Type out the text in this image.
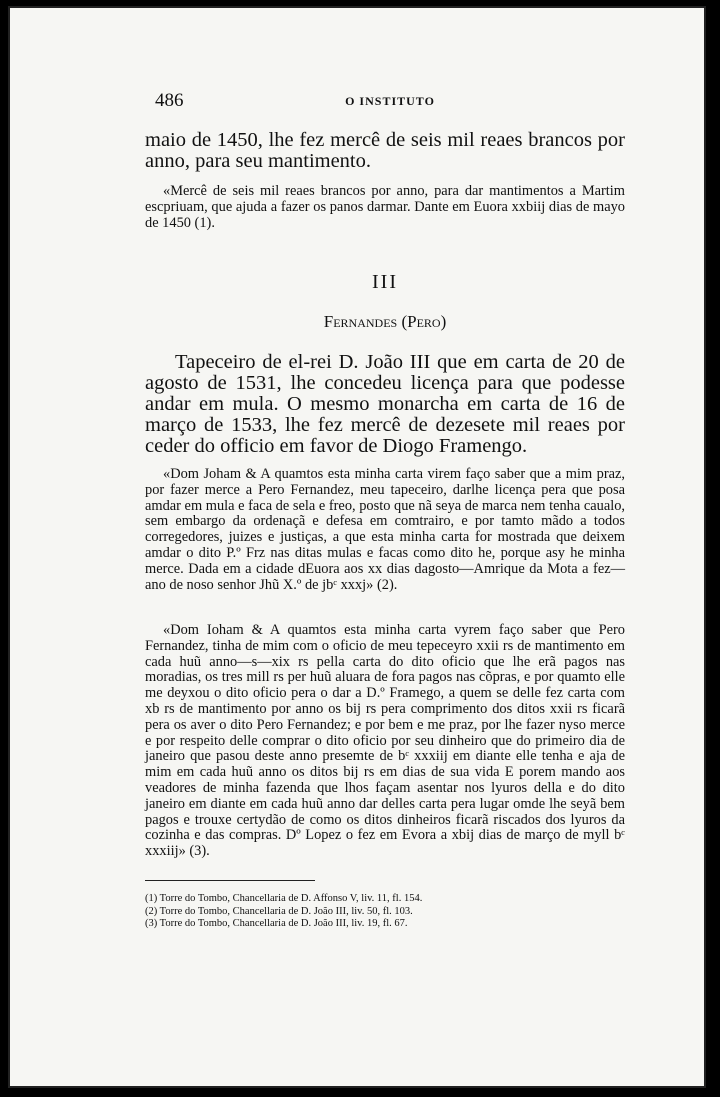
486	O INSTITUTO
maio de 1450, lhe fez mercê de seis mil reaes brancos por anno, para seu mantimento.
«Mercê de seis mil reaes brancos por anno, para dar mantimentos a Martim escpriuam, que ajuda a fazer os panos darmar. Dante em Euora xxbiij dias de mayo de 1450 (1).
III
Fernandes (Pero)
Tapeceiro de el-rei D. João III que em carta de 20 de agosto de 1531, lhe concedeu licença para que podesse andar em mula. O mesmo monarcha em carta de 16 de março de 1533, lhe fez mercê de dezesete mil reaes por ceder do officio em favor de Diogo Framengo.
«Dom Joham & A quamtos esta minha carta virem faço saber que a mim praz, por fazer merce a Pero Fernandez, meu tapeceiro, darlhe licença pera que posa amdar em mula e faca de sela e freo, posto que nã seya de marca nem tenha caualo, sem embargo da ordenaçã e defesa em comtrairo, e por tamto mãdo a todos corregedores, juizes e justiças, a que esta minha carta for mostrada que deixem amdar o dito P.º Frz nas ditas mulas e facas como dito he, porque asy he minha merce. Dada em a cidade dEuora aos xx dias dagosto—Amrique da Mota a fez—ano de noso senhor Jhũ X.º de ϳbᶜ xxxj» (2).
«Dom Ioham & A quamtos esta minha carta vyrem faço saber que Pero Fernandez, tinha de mim com o oficio de meu tepeceyro xxii rs de mantimento em cada huũ anno—s—xix rs pella carta do dito oficio que lhe erã pagos nas moradias, os tres mill rs per huũ aluara de fora pagos nas cõpras, e por quamto elle me deyxou o dito oficio pera o dar a D.º Framego, a quem se delle fez carta com xb rs de mantimento por anno os bij rs pera comprimento dos ditos xxii rs ficarã pera os aver o dito Pero Fernandez; e por bem e me praz, por lhe fazer nyso merce e por respeito delle comprar o dito oficio por seu dinheiro que do primeiro dia de janeiro que pasou deste anno presemte de bᶜ xxxiij em diante elle tenha e aja de mim em cada huũ anno os ditos bij rs em dias de sua vida E porem mando aos veadores de minha fazenda que lhos façam asentar nos lyuros della e do dito janeiro em diante em cada huũ anno dar delles carta pera lugar omde lhe seyã bem pagos e trouxe certydão de como os ditos dinheiros ficarã riscados dos lyuros da cozinha e das compras. Dº Lopez o fez em Evora a xbij dias de março de myll bᶜ xxxiij» (3).
(1) Torre do Tombo, Chancellaria de D. Affonso V, liv. 11, fl. 154.
(2) Torre do Tombo, Chancellaria de D. João III, liv. 50, fl. 103.
(3) Torre do Tombo, Chancellaria de D. João III, liv. 19, fl. 67.
